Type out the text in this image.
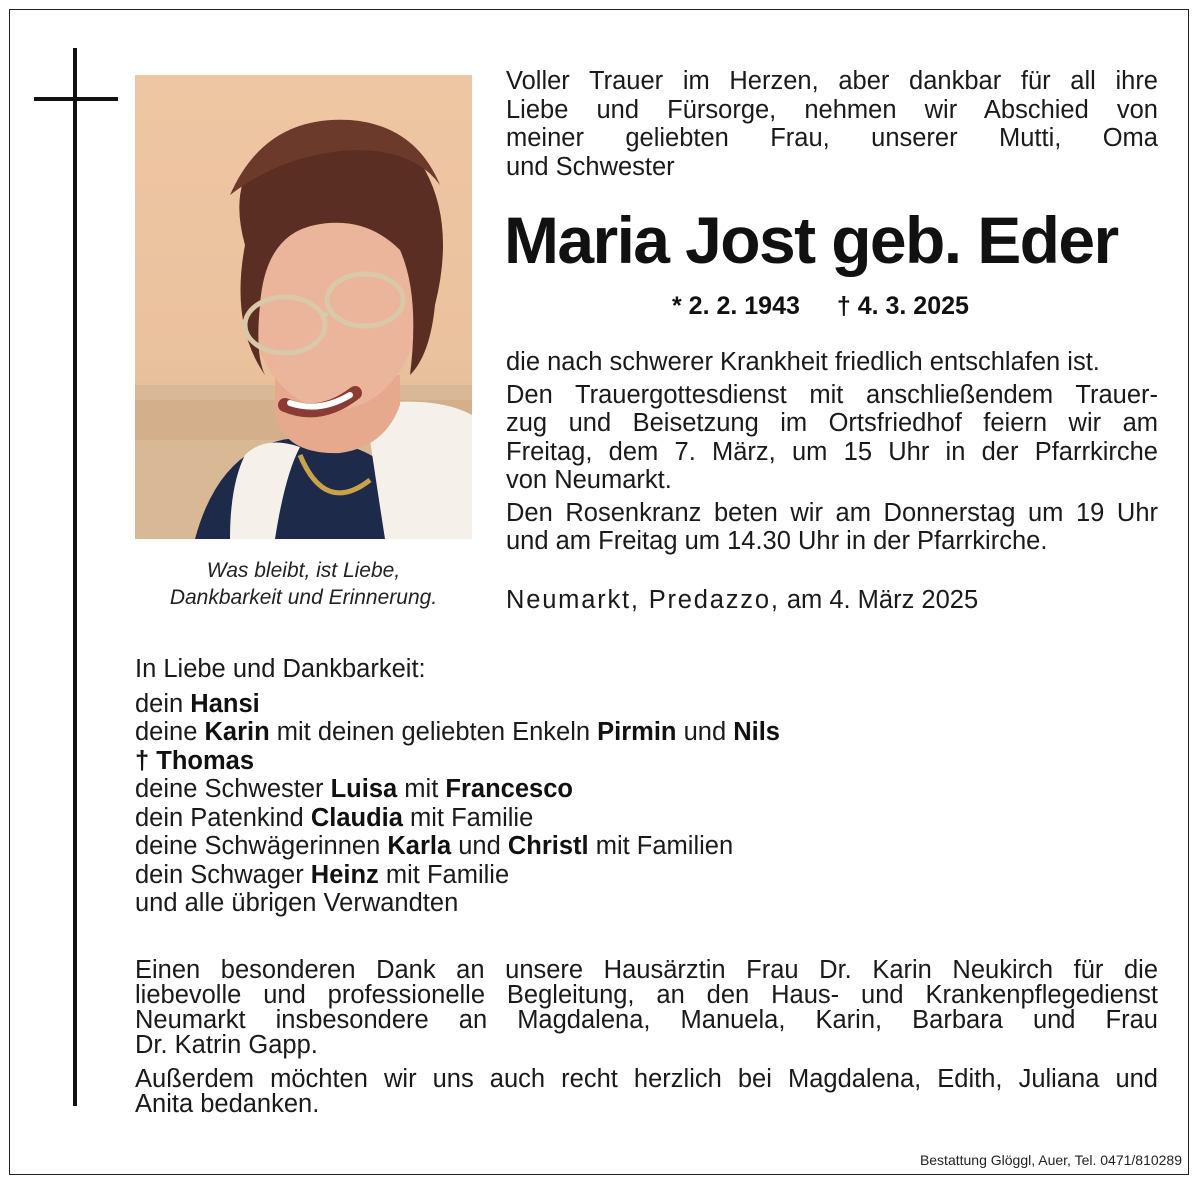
Was bleibt, ist Liebe,
Dankbarkeit und Erinnerung.
Voller Trauer im Herzen, aber dankbar für all ihre
Liebe und Fürsorge, nehmen wir Abschied von
meiner geliebten Frau, unserer Mutti, Oma
und Schwester
Maria Jost geb. Eder
* 2. 2. 1943 † 4. 3. 2025
die nach schwerer Krankheit friedlich entschlafen ist.
Den Trauergottesdienst mit anschließendem Trauer-
zug und Beisetzung im Ortsfriedhof feiern wir am
Freitag, dem 7. März, um 15 Uhr in der Pfarrkirche
von Neumarkt.
Den Rosenkranz beten wir am Donnerstag um 19 Uhr
und am Freitag um 14.30 Uhr in der Pfarrkirche.
Neumarkt, Predazzo, am 4. März 2025
In Liebe und Dankbarkeit:
dein Hansi
deine Karin mit deinen geliebten Enkeln Pirmin und Nils
† Thomas
deine Schwester Luisa mit Francesco
dein Patenkind Claudia mit Familie
deine Schwägerinnen Karla und Christl mit Familien
dein Schwager Heinz mit Familie
und alle übrigen Verwandten
Einen besonderen Dank an unsere Hausärztin Frau Dr. Karin Neukirch für die
liebevolle und professionelle Begleitung, an den Haus- und Krankenpflegedienst
Neumarkt insbesondere an Magdalena, Manuela, Karin, Barbara und Frau
Dr. Katrin Gapp.
Außerdem möchten wir uns auch recht herzlich bei Magdalena, Edith, Juliana und
Anita bedanken.
Bestattung Glöggl, Auer, Tel. 0471/810289
